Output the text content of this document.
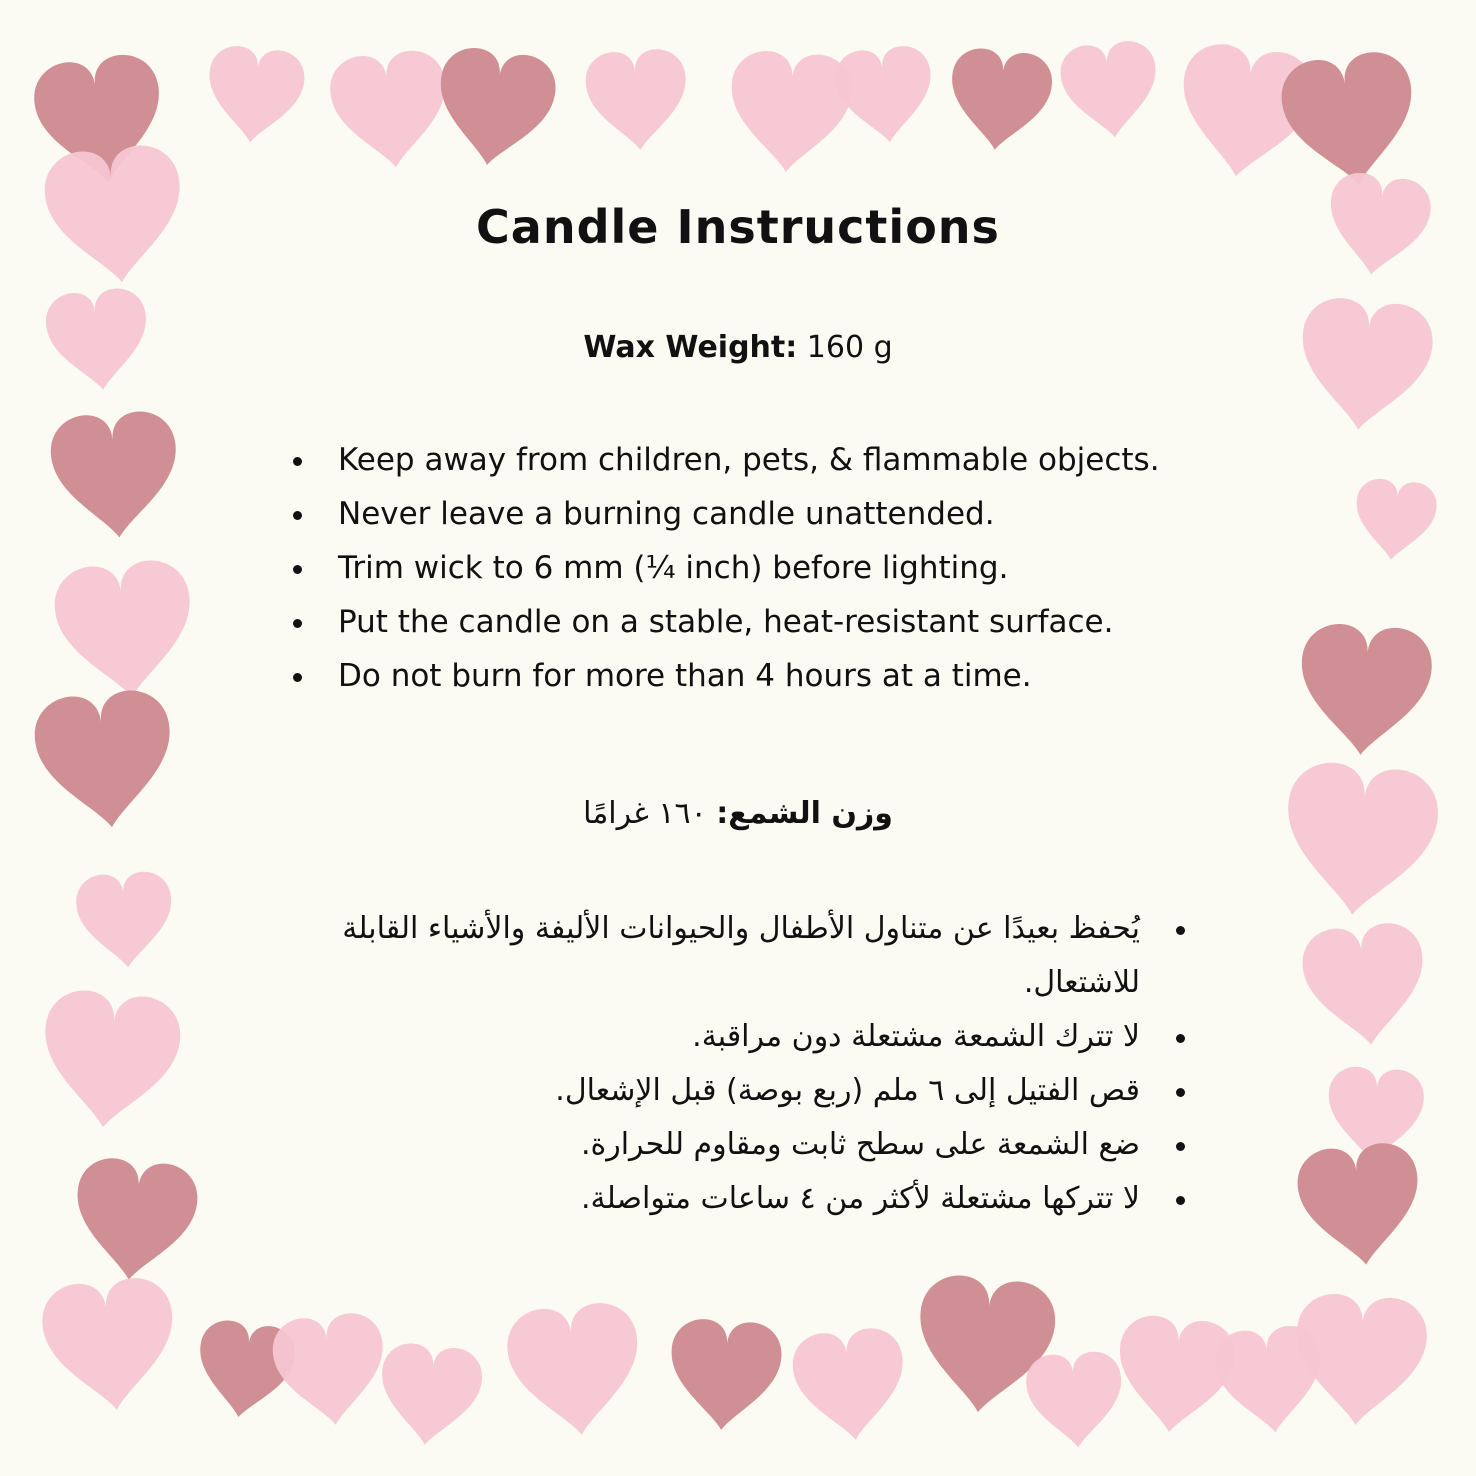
Candle Instructions
Wax Weight: 160 g
Keep away from children, pets, & flammable objects.
Never leave a burning candle unattended.
Trim wick to 6 mm (¼ inch) before lighting.
Put the candle on a stable, heat-resistant surface.
Do not burn for more than 4 hours at a time.
وزن الشمع: ١٦٠ غرامًا
يُحفظ بعيدًا عن متناول الأطفال والحيوانات الأليفة والأشياء القابلة للاشتعال.
لا تترك الشمعة مشتعلة دون مراقبة.
قص الفتيل إلى ٦ ملم (ربع بوصة) قبل الإشعال.
ضع الشمعة على سطح ثابت ومقاوم للحرارة.
لا تتركها مشتعلة لأكثر من ٤ ساعات متواصلة.
